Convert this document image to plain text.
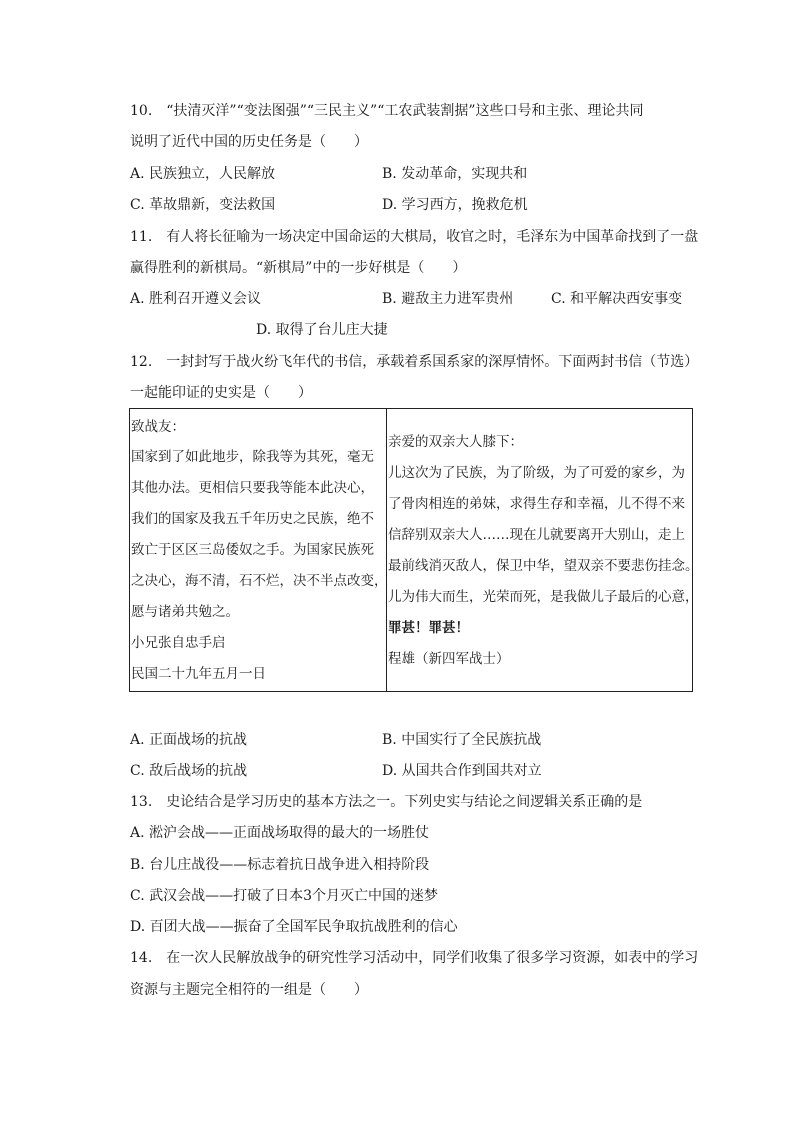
10.　“扶清灭洋”“变法图强”“三民主义”“工农武装割据”这些口号和主张、理论共同
说明了近代中国的历史任务是（　　）
A. 民族独立，人民解放	B. 发动革命，实现共和
C. 革故鼎新，变法救国	D. 学习西方，挽救危机
11.　有人将长征喻为一场决定中国命运的大棋局，收官之时，毛泽东为中国革命找到了一盘
赢得胜利的新棋局。“新棋局”中的一步好棋是（　　）
A. 胜利召开遵义会议	B. 避敌主力进军贵州	C. 和平解决西安事变
D. 取得了台儿庄大捷
12.　一封封写于战火纷飞年代的书信，承载着系国系家的深厚情怀。下面两封书信（节选）
一起能印证的史实是（　　）
致战友：
国家到了如此地步，除我等为其死，毫无
其他办法。更相信只要我等能本此决心，
我们的国家及我五千年历史之民族，绝不
致亡于区区三岛倭奴之手。为国家民族死
之决心，海不清，石不烂，决不半点改变，
愿与诸弟共勉之。
小兄张自忠手启
民国二十九年五月一日

亲爱的双亲大人膝下：
儿这次为了民族，为了阶级，为了可爱的家乡，为
了骨肉相连的弟妹，求得生存和幸福，儿不得不来
信辞别双亲大人……现在儿就要离开大别山，走上
最前线消灭敌人，保卫中华，望双亲不要悲伤挂念。
儿为伟大而生，光荣而死，是我做儿子最后的心意，
罪甚！罪甚！
程雄（新四军战士）
A. 正面战场的抗战	B. 中国实行了全民族抗战
C. 敌后战场的抗战	D. 从国共合作到国共对立
13.　史论结合是学习历史的基本方法之一。下列史实与结论之间逻辑关系正确的是
A. 淞沪会战——正面战场取得的最大的一场胜仗
B. 台儿庄战役——标志着抗日战争进入相持阶段
C. 武汉会战——打破了日本3个月灭亡中国的迷梦
D. 百团大战——振奋了全国军民争取抗战胜利的信心
14.　在一次人民解放战争的研究性学习活动中，同学们收集了很多学习资源，如表中的学习
资源与主题完全相符的一组是（　　）
